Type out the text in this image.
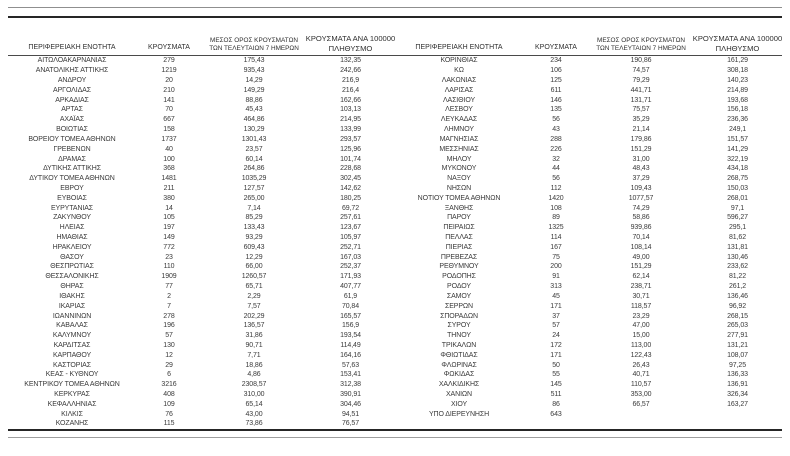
ΠΕΡΙΦΕΡΕΙΑΚΗ ΕΝΟΤΗΤΑ	ΚΡΟΥΣΜΑΤΑ
ΜΕΣΟΣ ΟΡΟΣ ΚΡΟΥΣΜΑΤΩΝ
ΤΩΝ ΤΕΛΕΥΤΑΙΩΝ 7 ΗΜΕΡΩΝ
ΚΡΟΥΣΜΑΤΑ ΑΝΑ 100000
ΠΛΗΘΥΣΜΟ	ΠΕΡΙΦΕΡΕΙΑΚΗ ΕΝΟΤΗΤΑ	ΚΡΟΥΣΜΑΤΑ
ΜΕΣΟΣ ΟΡΟΣ ΚΡΟΥΣΜΑΤΩΝ
ΤΩΝ ΤΕΛΕΥΤΑΙΩΝ 7 ΗΜΕΡΩΝ
ΚΡΟΥΣΜΑΤΑ ΑΝΑ 100000
ΠΛΗΘΥΣΜΟ
ΑΙΤΩΛΟΑΚΑΡΝΑΝΙΑΣ	279	175,43	132,35
ΑΝΑΤΟΛΙΚΗΣ ΑΤΤΙΚΗΣ	1219	935,43	242,66
ΑΝΔΡΟΥ	20	14,29	216,9
ΑΡΓΟΛΙΔΑΣ	210	149,29	216,4
ΑΡΚΑΔΙΑΣ	141	88,86	162,66
ΑΡΤΑΣ	70	45,43	103,13
ΑΧΑΪΑΣ	667	464,86	214,95
ΒΟΙΩΤΙΑΣ	158	130,29	133,99
ΒΟΡΕΙΟΥ ΤΟΜΕΑ ΑΘΗΝΩΝ	1737	1301,43	293,57
ΓΡΕΒΕΝΩΝ	40	23,57	125,96
ΔΡΑΜΑΣ	100	60,14	101,74
ΔΥΤΙΚΗΣ ΑΤΤΙΚΗΣ	368	264,86	228,68
ΔΥΤΙΚΟΥ ΤΟΜΕΑ ΑΘΗΝΩΝ	1481	1035,29	302,45
ΕΒΡΟΥ	211	127,57	142,62
ΕΥΒΟΙΑΣ	380	265,00	180,25
ΕΥΡΥΤΑΝΙΑΣ	14	7,14	69,72
ΖΑΚΥΝΘΟΥ	105	85,29	257,61
ΗΛΕΙΑΣ	197	133,43	123,67
ΗΜΑΘΙΑΣ	149	93,29	105,97
ΗΡΑΚΛΕΙΟΥ	772	609,43	252,71
ΘΑΣΟΥ	23	12,29	167,03
ΘΕΣΠΡΩΤΙΑΣ	110	66,00	252,37
ΘΕΣΣΑΛΟΝΙΚΗΣ	1909	1260,57	171,93
ΘΗΡΑΣ	77	65,71	407,77
ΙΘΑΚΗΣ	2	2,29	61,9
ΙΚΑΡΙΑΣ	7	7,57	70,84
ΙΩΑΝΝΙΝΩΝ	278	202,29	165,57
ΚΑΒΑΛΑΣ	196	136,57	156,9
ΚΑΛΥΜΝΟΥ	57	31,86	193,54
ΚΑΡΔΙΤΣΑΣ	130	90,71	114,49
ΚΑΡΠΑΘΟΥ	12	7,71	164,16
ΚΑΣΤΟΡΙΑΣ	29	18,86	57,63
ΚΕΑΣ - ΚΥΘΝΟΥ	6	4,86	153,41
ΚΕΝΤΡΙΚΟΥ ΤΟΜΕΑ ΑΘΗΝΩΝ	3216	2308,57	312,38
ΚΕΡΚΥΡΑΣ	408	310,00	390,91
ΚΕΦΑΛΛΗΝΙΑΣ	109	65,14	304,46
ΚΙΛΚΙΣ	76	43,00	94,51
ΚΟΖΑΝΗΣ	115	73,86	76,57
ΚΟΡΙΝΘΙΑΣ	234	190,86	161,29
ΚΩ	106	74,57	308,18
ΛΑΚΩΝΙΑΣ	125	79,29	140,23
ΛΑΡΙΣΑΣ	611	441,71	214,89
ΛΑΣΙΘΙΟΥ	146	131,71	193,68
ΛΕΣΒΟΥ	135	75,57	156,18
ΛΕΥΚΑΔΑΣ	56	35,29	236,36
ΛΗΜΝΟΥ	43	21,14	249,1
ΜΑΓΝΗΣΙΑΣ	288	179,86	151,57
ΜΕΣΣΗΝΙΑΣ	226	151,29	141,29
ΜΗΛΟΥ	32	31,00	322,19
ΜΥΚΟΝΟΥ	44	48,43	434,18
ΝΑΞΟΥ	56	37,29	268,75
ΝΗΣΩΝ	112	109,43	150,03
ΝΟΤΙΟΥ ΤΟΜΕΑ ΑΘΗΝΩΝ	1420	1077,57	268,01
ΞΑΝΘΗΣ	108	74,29	97,1
ΠΑΡΟΥ	89	58,86	596,27
ΠΕΙΡΑΙΩΣ	1325	939,86	295,1
ΠΕΛΛΑΣ	114	70,14	81,62
ΠΙΕΡΙΑΣ	167	108,14	131,81
ΠΡΕΒΕΖΑΣ	75	49,00	130,46
ΡΕΘΥΜΝΟΥ	200	151,29	233,62
ΡΟΔΟΠΗΣ	91	62,14	81,22
ΡΟΔΟΥ	313	238,71	261,2
ΣΑΜΟΥ	45	30,71	136,46
ΣΕΡΡΩΝ	171	118,57	96,92
ΣΠΟΡΑΔΩΝ	37	23,29	268,15
ΣΥΡΟΥ	57	47,00	265,03
ΤΗΝΟΥ	24	15,00	277,91
ΤΡΙΚΑΛΩΝ	172	113,00	131,21
ΦΘΙΩΤΙΔΑΣ	171	122,43	108,07
ΦΛΩΡΙΝΑΣ	50	26,43	97,25
ΦΩΚΙΔΑΣ	55	40,71	136,33
ΧΑΛΚΙΔΙΚΗΣ	145	110,57	136,91
ΧΑΝΙΩΝ	511	353,00	326,34
ΧΙΟΥ	86	66,57	163,27
ΥΠΟ ΔΙΕΡΕΥΝΗΣΗ	643
